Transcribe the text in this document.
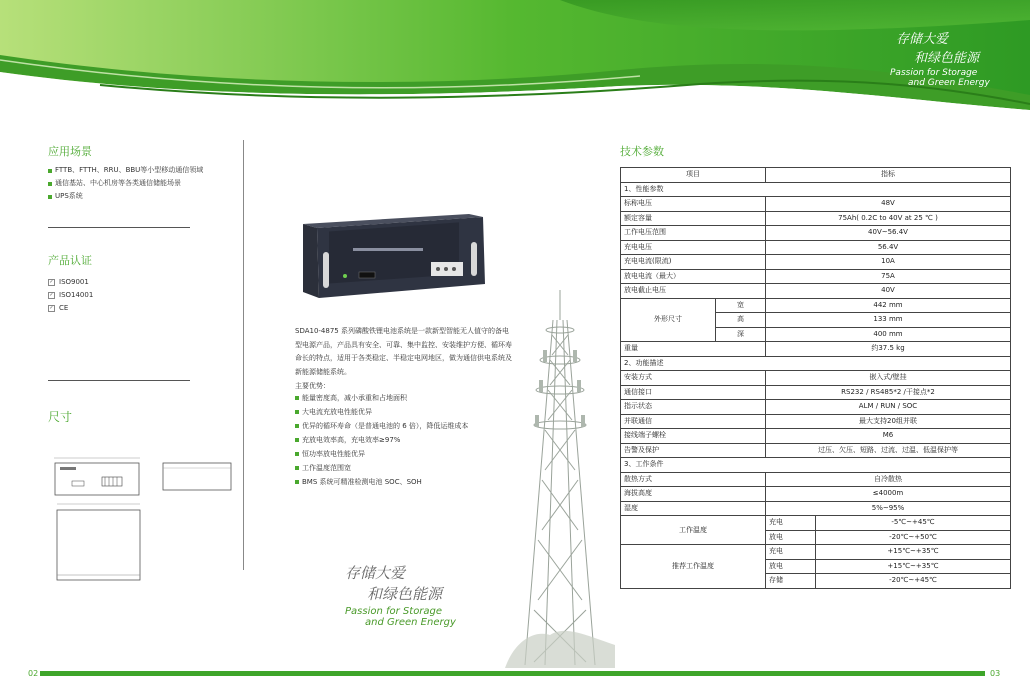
存储大爱
和绿色能源
Passion for Storage
and Green Energy
应用场景
FTTB、FTTH、RRU、BBU等小型移动通信领域
通信基站、中心机房等各类通信储能场景
UPS系统
产品认证
✓ ISO9001
✓ ISO14001
✓ CE
尺寸
SDA10-4875 系列磷酸铁锂电池系统是一款新型智能无人值守的备电型电源产品，产品具有安全、可靠、集中监控、安装维护方便、循环寿命长的特点，适用于各类稳定、半稳定电网地区，做为通信供电系统及新能源储能系统。
主要优势：
能量密度高，减小承重和占地面积
大电流充放电性能优异
优异的循环寿命（是普通电池的 6 倍），降低运维成本
充放电效率高，充电效率≥97%
恒功率放电性能优异
工作温度范围宽
BMS 系统可精准检测电池 SOC、SOH
存储大爱
和绿色能源
Passion for Storage
and Green Energy
技术参数
项目		指标	
1、性能参数			
标称电压		48V	
额定容量		75Ah( 0.2C to 40V at 25 ℃ )	
工作电压范围		40V~56.4V	
充电电压		56.4V	
充电电流(限流)		10A	
放电电流（最大）		75A	
放电截止电压		40V	
外形尺寸	宽	442 mm	
	高	133 mm	
	深	400 mm	
重量		约37.5 kg	
2、功能描述			
安装方式		嵌入式/壁挂	
通信接口		RS232 / RS485*2 /干接点*2	
指示状态		ALM / RUN / SOC	
并联通信		最大支持20组并联	
接线端子螺栓		M6	
告警及保护		过压、欠压、短路、过流、过温、低温保护等	
3、工作条件			
散热方式		自冷散热	
海拔高度		≤4000m	
湿度		5%~95%	
工作温度		充电	-5℃~+45℃
		放电	-20℃~+50℃
推荐工作温度		充电	+15℃~+35℃
		放电	+15℃~+35℃
		存储	-20℃~+45℃
02	03
